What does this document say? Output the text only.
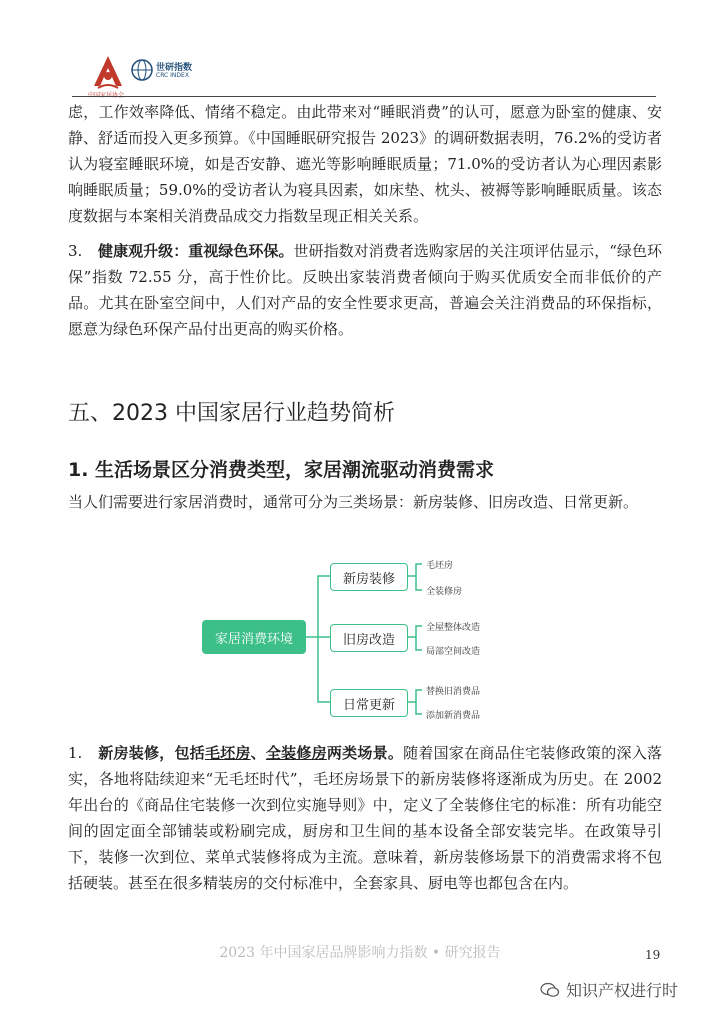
世研指数
CRC INDEX

虑，工作效率降低、情绪不稳定。由此带来对“睡眠消费”的认可，愿意为卧室的健康、安静、舒适而投入更多预算。《中国睡眠研究报告 2023》的调研数据表明，76.2%的受访者认为寝室睡眠环境，如是否安静、遮光等影响睡眠质量；71.0%的受访者认为心理因素影响睡眠质量；59.0%的受访者认为寝具因素，如床垫、枕头、被褥等影响睡眠质量。该态度数据与本案相关消费品成交力指数呈现正相关关系。

3. 健康观升级：重视绿色环保。世研指数对消费者选购家居的关注项评估显示，“绿色环保”指数 72.55 分，高于性价比。反映出家装消费者倾向于购买优质安全而非低价的产品。尤其在卧室空间中，人们对产品的安全性要求更高，普遍会关注消费品的环保指标，愿意为绿色环保产品付出更高的购买价格。

五、2023 中国家居行业趋势简析
1. 生活场景区分消费类型，家居潮流驱动消费需求

当人们需要进行家居消费时，通常可分为三类场景：新房装修、旧房改造、日常更新。

家居消费环境
新房装修
旧房改造
日常更新
毛坯房
全装修房
全屋整体改造
局部空间改造
替换旧消费品
添加新消费品

1. 新房装修，包括毛坯房、全装修房两类场景。随着国家在商品住宅装修政策的深入落实，各地将陆续迎来“无毛坯时代”，毛坯房场景下的新房装修将逐渐成为历史。在 2002 年出台的《商品住宅装修一次到位实施导则》中，定义了全装修住宅的标准：所有功能空间的固定面全部铺装或粉刷完成，厨房和卫生间的基本设备全部安装完毕。在政策导引下，装修一次到位、菜单式装修将成为主流。意味着，新房装修场景下的消费需求将不包括硬装。甚至在很多精装房的交付标准中，全套家具、厨电等也都包含在内。

2023 年中国家居品牌影响力指数 • 研究报告	19
知识产权进行时
